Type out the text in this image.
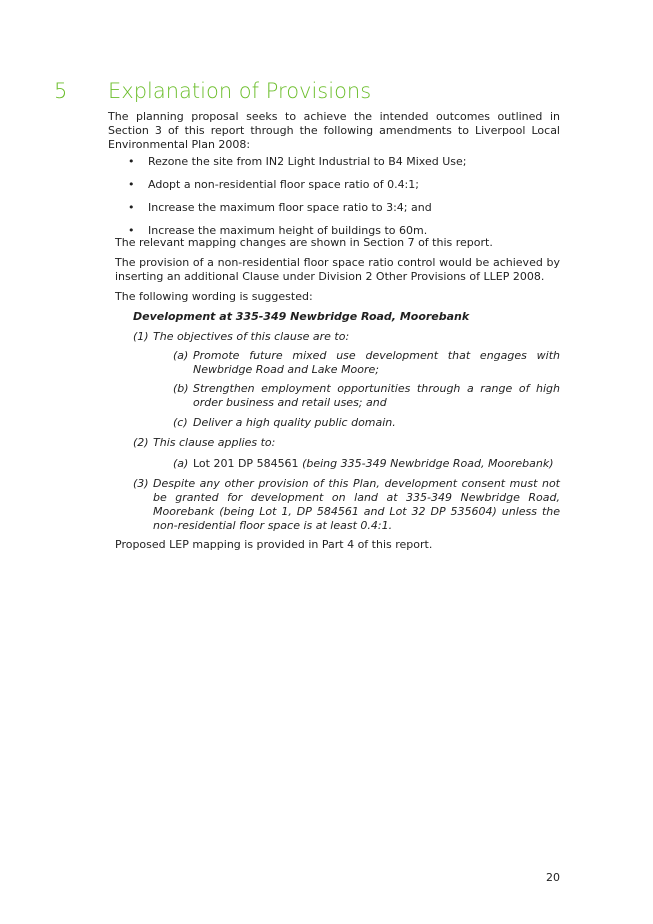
5 Explanation of Provisions

The planning proposal seeks to achieve the intended outcomes outlined in Section 3 of this report through the following amendments to Liverpool Local Environmental Plan 2008:

• Rezone the site from IN2 Light Industrial to B4 Mixed Use;
• Adopt a non-residential floor space ratio of 0.4:1;
• Increase the maximum floor space ratio to 3:4; and
• Increase the maximum height of buildings to 60m.

The relevant mapping changes are shown in Section 7 of this report.

The provision of a non-residential floor space ratio control would be achieved by inserting an additional Clause under Division 2 Other Provisions of LLEP 2008.

The following wording is suggested:

Development at 335-349 Newbridge Road, Moorebank
(1) The objectives of this clause are to:
(a) Promote future mixed use development that engages with Newbridge Road and Lake Moore;
(b) Strengthen employment opportunities through a range of high order business and retail uses; and
(c) Deliver a high quality public domain.
(2) This clause applies to:
(a) Lot 201 DP 584561 (being 335-349 Newbridge Road, Moorebank)
(3) Despite any other provision of this Plan, development consent must not be granted for development on land at 335-349 Newbridge Road, Moorebank (being Lot 1, DP 584561 and Lot 32 DP 535604) unless the non-residential floor space is at least 0.4:1.

Proposed LEP mapping is provided in Part 4 of this report.

20
